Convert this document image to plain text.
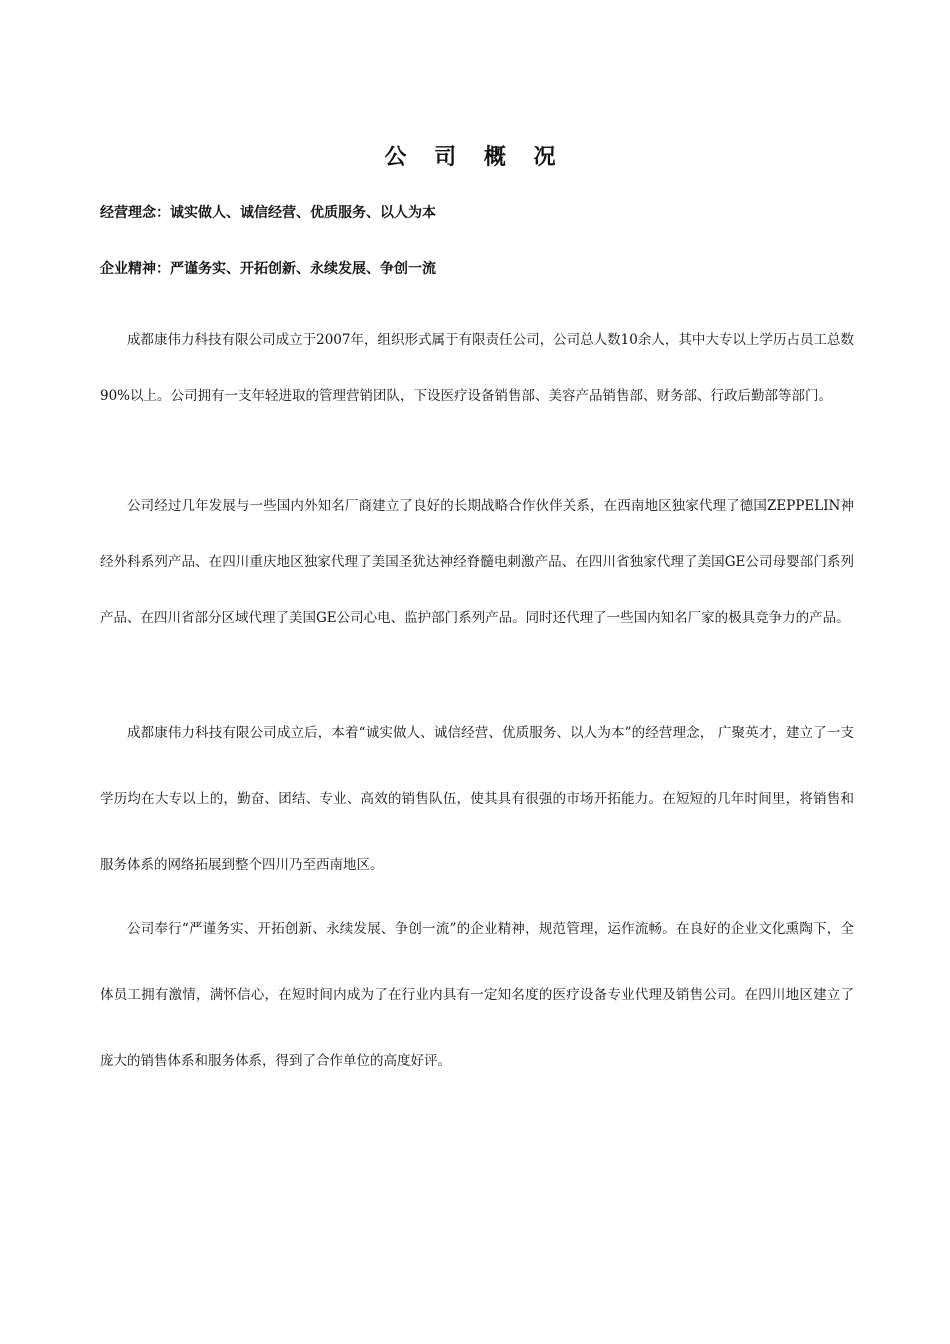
公 司 概 况
经营理念：诚实做人、诚信经营、优质服务、以人为本
企业精神：严谨务实、开拓创新、永续发展、争创一流

成都康伟力科技有限公司成立于2007年，组织形式属于有限责任公司，公司总人数10余人，其中大专以上学历占员工总数90%以上。公司拥有一支年轻进取的管理营销团队，下设医疗设备销售部、美容产品销售部、财务部、行政后勤部等部门。

公司经过几年发展与一些国内外知名厂商建立了良好的长期战略合作伙伴关系，在西南地区独家代理了德国ZEPPELIN神经外科系列产品、在四川重庆地区独家代理了美国圣犹达神经脊髓电刺激产品、在四川省独家代理了美国GE公司母婴部门系列产品、在四川省部分区域代理了美国GE公司心电、监护部门系列产品。同时还代理了一些国内知名厂家的极具竞争力的产品。

成都康伟力科技有限公司成立后，本着“诚实做人、诚信经营、优质服务、以人为本”的经营理念， 广聚英才，建立了一支学历均在大专以上的，勤奋、团结、专业、高效的销售队伍，使其具有很强的市场开拓能力。在短短的几年时间里，将销售和服务体系的网络拓展到整个四川乃至西南地区。

公司奉行“严谨务实、开拓创新、永续发展、争创一流”的企业精神，规范管理，运作流畅。在良好的企业文化熏陶下，全体员工拥有激情，满怀信心，在短时间内成为了在行业内具有一定知名度的医疗设备专业代理及销售公司。在四川地区建立了庞大的销售体系和服务体系，得到了合作单位的高度好评。
